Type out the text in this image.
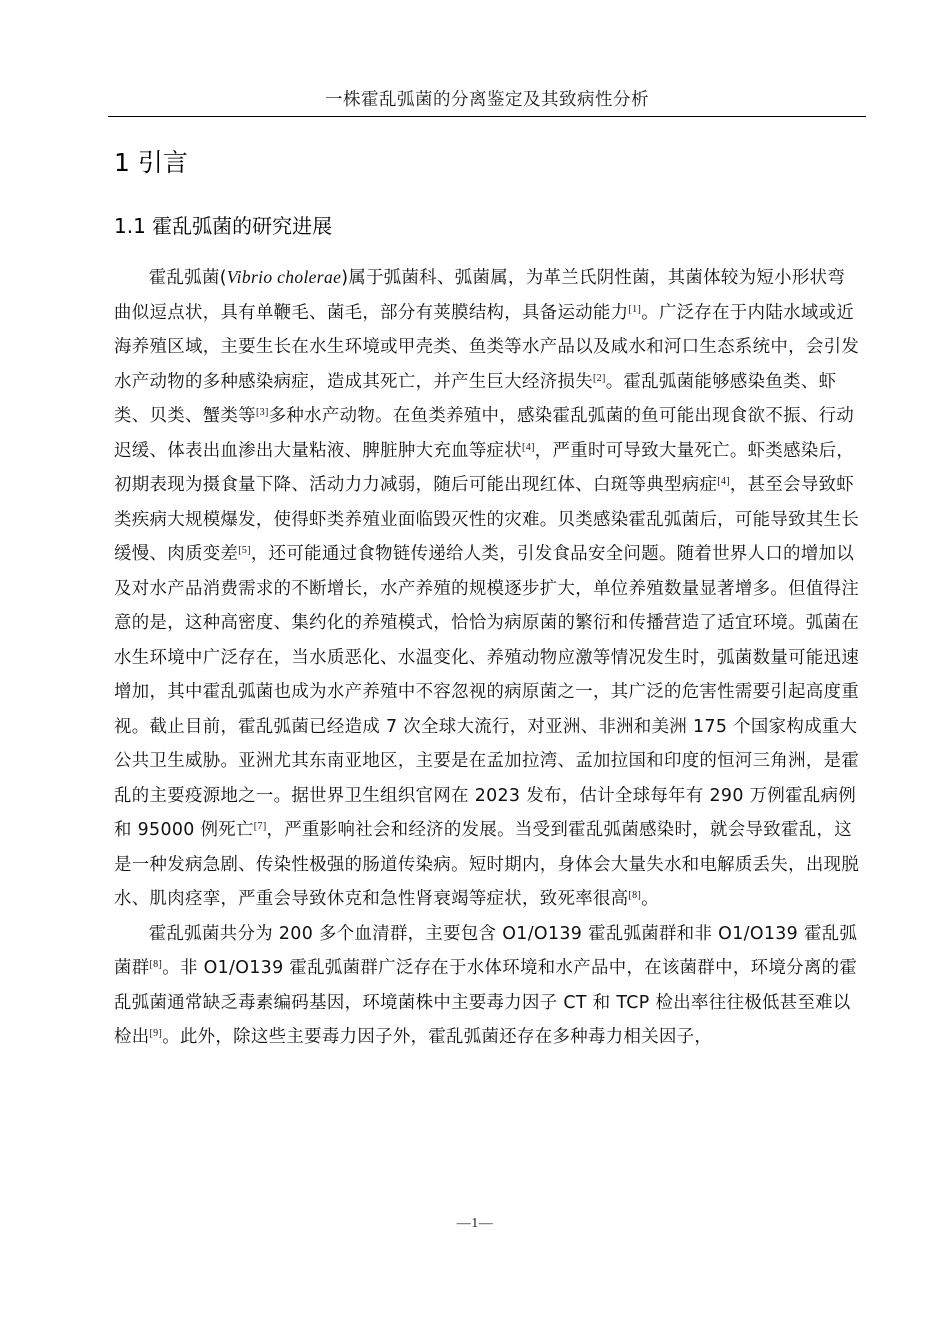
一株霍乱弧菌的分离鉴定及其致病性分析
1 引言
1.1 霍乱弧菌的研究进展

霍乱弧菌(Vibrio cholerae)属于弧菌科、弧菌属，为革兰氏阴性菌，其菌体较为短小形状弯曲似逗点状，具有单鞭毛、菌毛，部分有荚膜结构，具备运动能力[1]。广泛存在于内陆水域或近海养殖区域，主要生长在水生环境或甲壳类、鱼类等水产品以及咸水和河口生态系统中，会引发水产动物的多种感染病症，造成其死亡，并产生巨大经济损失[2]。霍乱弧菌能够感染鱼类、虾类、贝类、蟹类等[3]多种水产动物。在鱼类养殖中，感染霍乱弧菌的鱼可能出现食欲不振、行动迟缓、体表出血渗出大量粘液、脾脏肿大充血等症状[4]，严重时可导致大量死亡。虾类感染后，初期表现为摄食量下降、活动力力减弱，随后可能出现红体、白斑等典型病症[4]，甚至会导致虾类疾病大规模爆发，使得虾类养殖业面临毁灭性的灾难。贝类感染霍乱弧菌后，可能导致其生长缓慢、肉质变差[5]，还可能通过食物链传递给人类，引发食品安全问题。随着世界人口的增加以及对水产品消费需求的不断增长，水产养殖的规模逐步扩大，单位养殖数量显著增多。但值得注意的是，这种高密度、集约化的养殖模式，恰恰为病原菌的繁衍和传播营造了适宜环境。弧菌在水生环境中广泛存在，当水质恶化、水温变化、养殖动物应激等情况发生时，弧菌数量可能迅速增加，其中霍乱弧菌也成为水产养殖中不容忽视的病原菌之一，其广泛的危害性需要引起高度重视。截止目前，霍乱弧菌已经造成 7 次全球大流行，对亚洲、非洲和美洲 175 个国家构成重大公共卫生威胁。亚洲尤其东南亚地区，主要是在孟加拉湾、孟加拉国和印度的恒河三角洲，是霍乱的主要疫源地之一。据世界卫生组织官网在 2023 发布，估计全球每年有 290 万例霍乱病例和 95000 例死亡[7]，严重影响社会和经济的发展。当受到霍乱弧菌感染时，就会导致霍乱，这是一种发病急剧、传染性极强的肠道传染病。短时期内，身体会大量失水和电解质丢失，出现脱水、肌肉痉挛，严重会导致休克和急性肾衰竭等症状，致死率很高[8]。

霍乱弧菌共分为 200 多个血清群，主要包含 O1/O139 霍乱弧菌群和非 O1/O139 霍乱弧菌群[8]。非 O1/O139 霍乱弧菌群广泛存在于水体环境和水产品中，在该菌群中，环境分离的霍乱弧菌通常缺乏毒素编码基因，环境菌株中主要毒力因子 CT 和 TCP 检出率往往极低甚至难以检出[9]。此外，除这些主要毒力因子外，霍乱弧菌还存在多种毒力相关因子，

—1—
